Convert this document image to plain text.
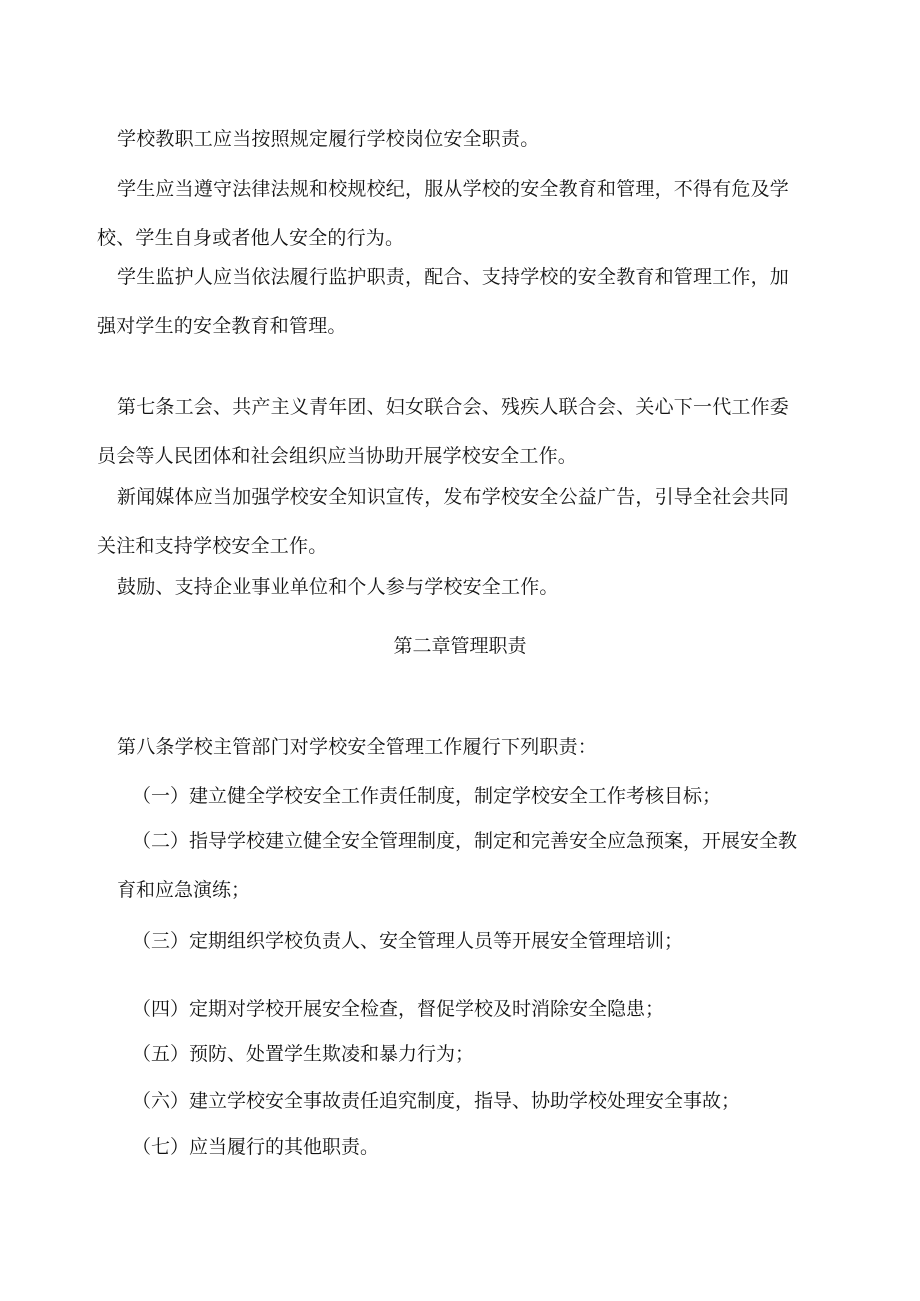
学校教职工应当按照规定履行学校岗位安全职责。

学生应当遵守法律法规和校规校纪，服从学校的安全教育和管理，不得有危及学
校、学生自身或者他人安全的行为。

学生监护人应当依法履行监护职责，配合、支持学校的安全教育和管理工作，加
强对学生的安全教育和管理。

第七条工会、共产主义青年团、妇女联合会、残疾人联合会、关心下一代工作委
员会等人民团体和社会组织应当协助开展学校安全工作。

新闻媒体应当加强学校安全知识宣传，发布学校安全公益广告，引导全社会共同
关注和支持学校安全工作。

鼓励、支持企业事业单位和个人参与学校安全工作。

第二章管理职责

第八条学校主管部门对学校安全管理工作履行下列职责：

（一）建立健全学校安全工作责任制度，制定学校安全工作考核目标；

（二）指导学校建立健全安全管理制度，制定和完善安全应急预案，开展安全教
育和应急演练；

（三）定期组织学校负责人、安全管理人员等开展安全管理培训；

（四）定期对学校开展安全检查，督促学校及时消除安全隐患；

（五）预防、处置学生欺凌和暴力行为；

（六）建立学校安全事故责任追究制度，指导、协助学校处理安全事故；

（七）应当履行的其他职责。
